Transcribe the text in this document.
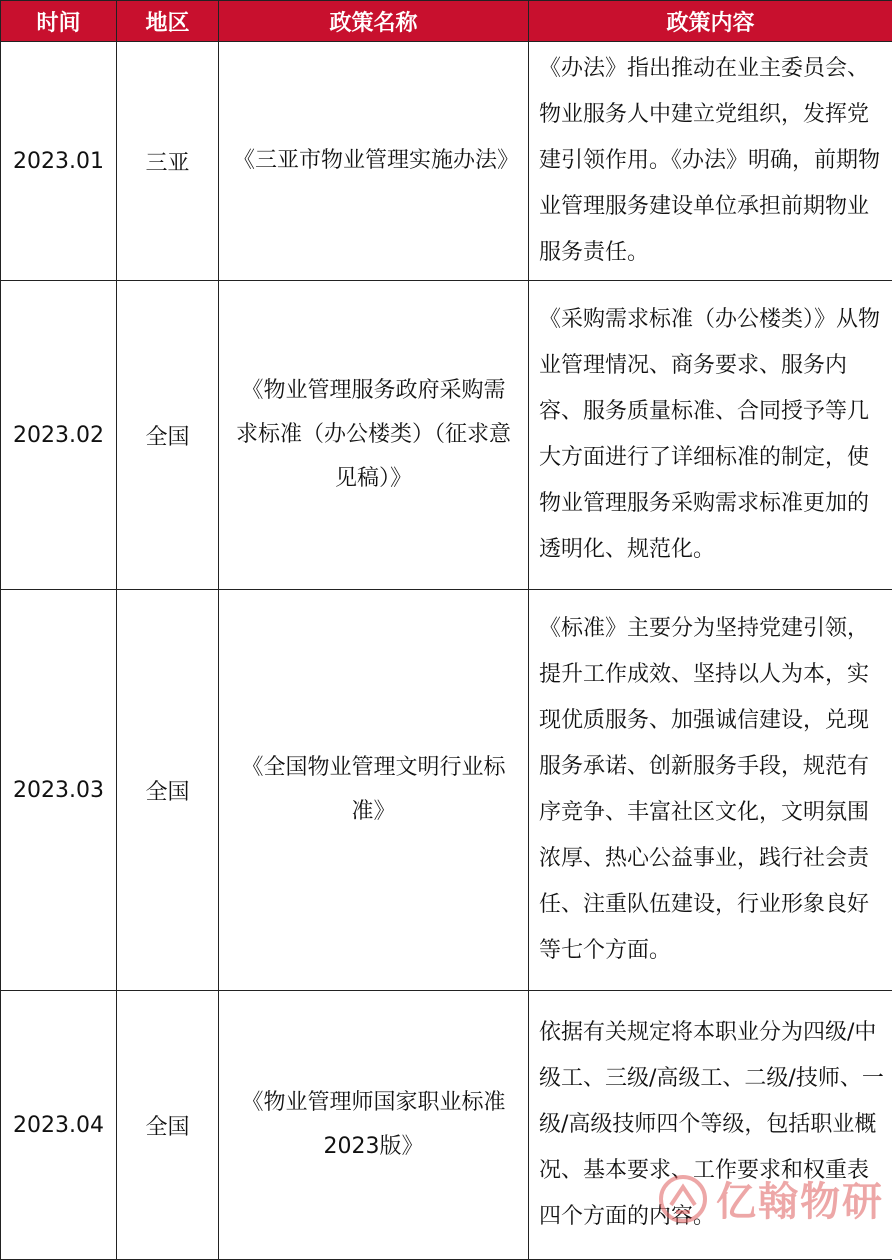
时间	地区	政策名称	政策内容
2023.01	三亚	《三亚市物业管理实施办法》	《办法》指出推动在业主委员会、物业服务人中建立党组织，发挥党建引领作用。《办法》明确，前期物业管理服务建设单位承担前期物业服务责任。
2023.02	全国	《物业管理服务政府采购需求标准（办公楼类）（征求意见稿）》	《采购需求标准（办公楼类）》从物业管理情况、商务要求、服务内容、服务质量标准、合同授予等几大方面进行了详细标准的制定，使物业管理服务采购需求标准更加的透明化、规范化。
2023.03	全国	《全国物业管理文明行业标准》	《标准》主要分为坚持党建引领，提升工作成效、坚持以人为本，实现优质服务、加强诚信建设，兑现服务承诺、创新服务手段，规范有序竞争、丰富社区文化，文明氛围浓厚、热心公益事业，践行社会责任、注重队伍建设，行业形象良好等七个方面。
2023.04	全国	《物业管理师国家职业标准2023版》	依据有关规定将本职业分为四级/中级工、三级/高级工、二级/技师、一级/高级技师四个等级，包括职业概况、基本要求、工作要求和权重表四个方面的内容。 亿翰物研
